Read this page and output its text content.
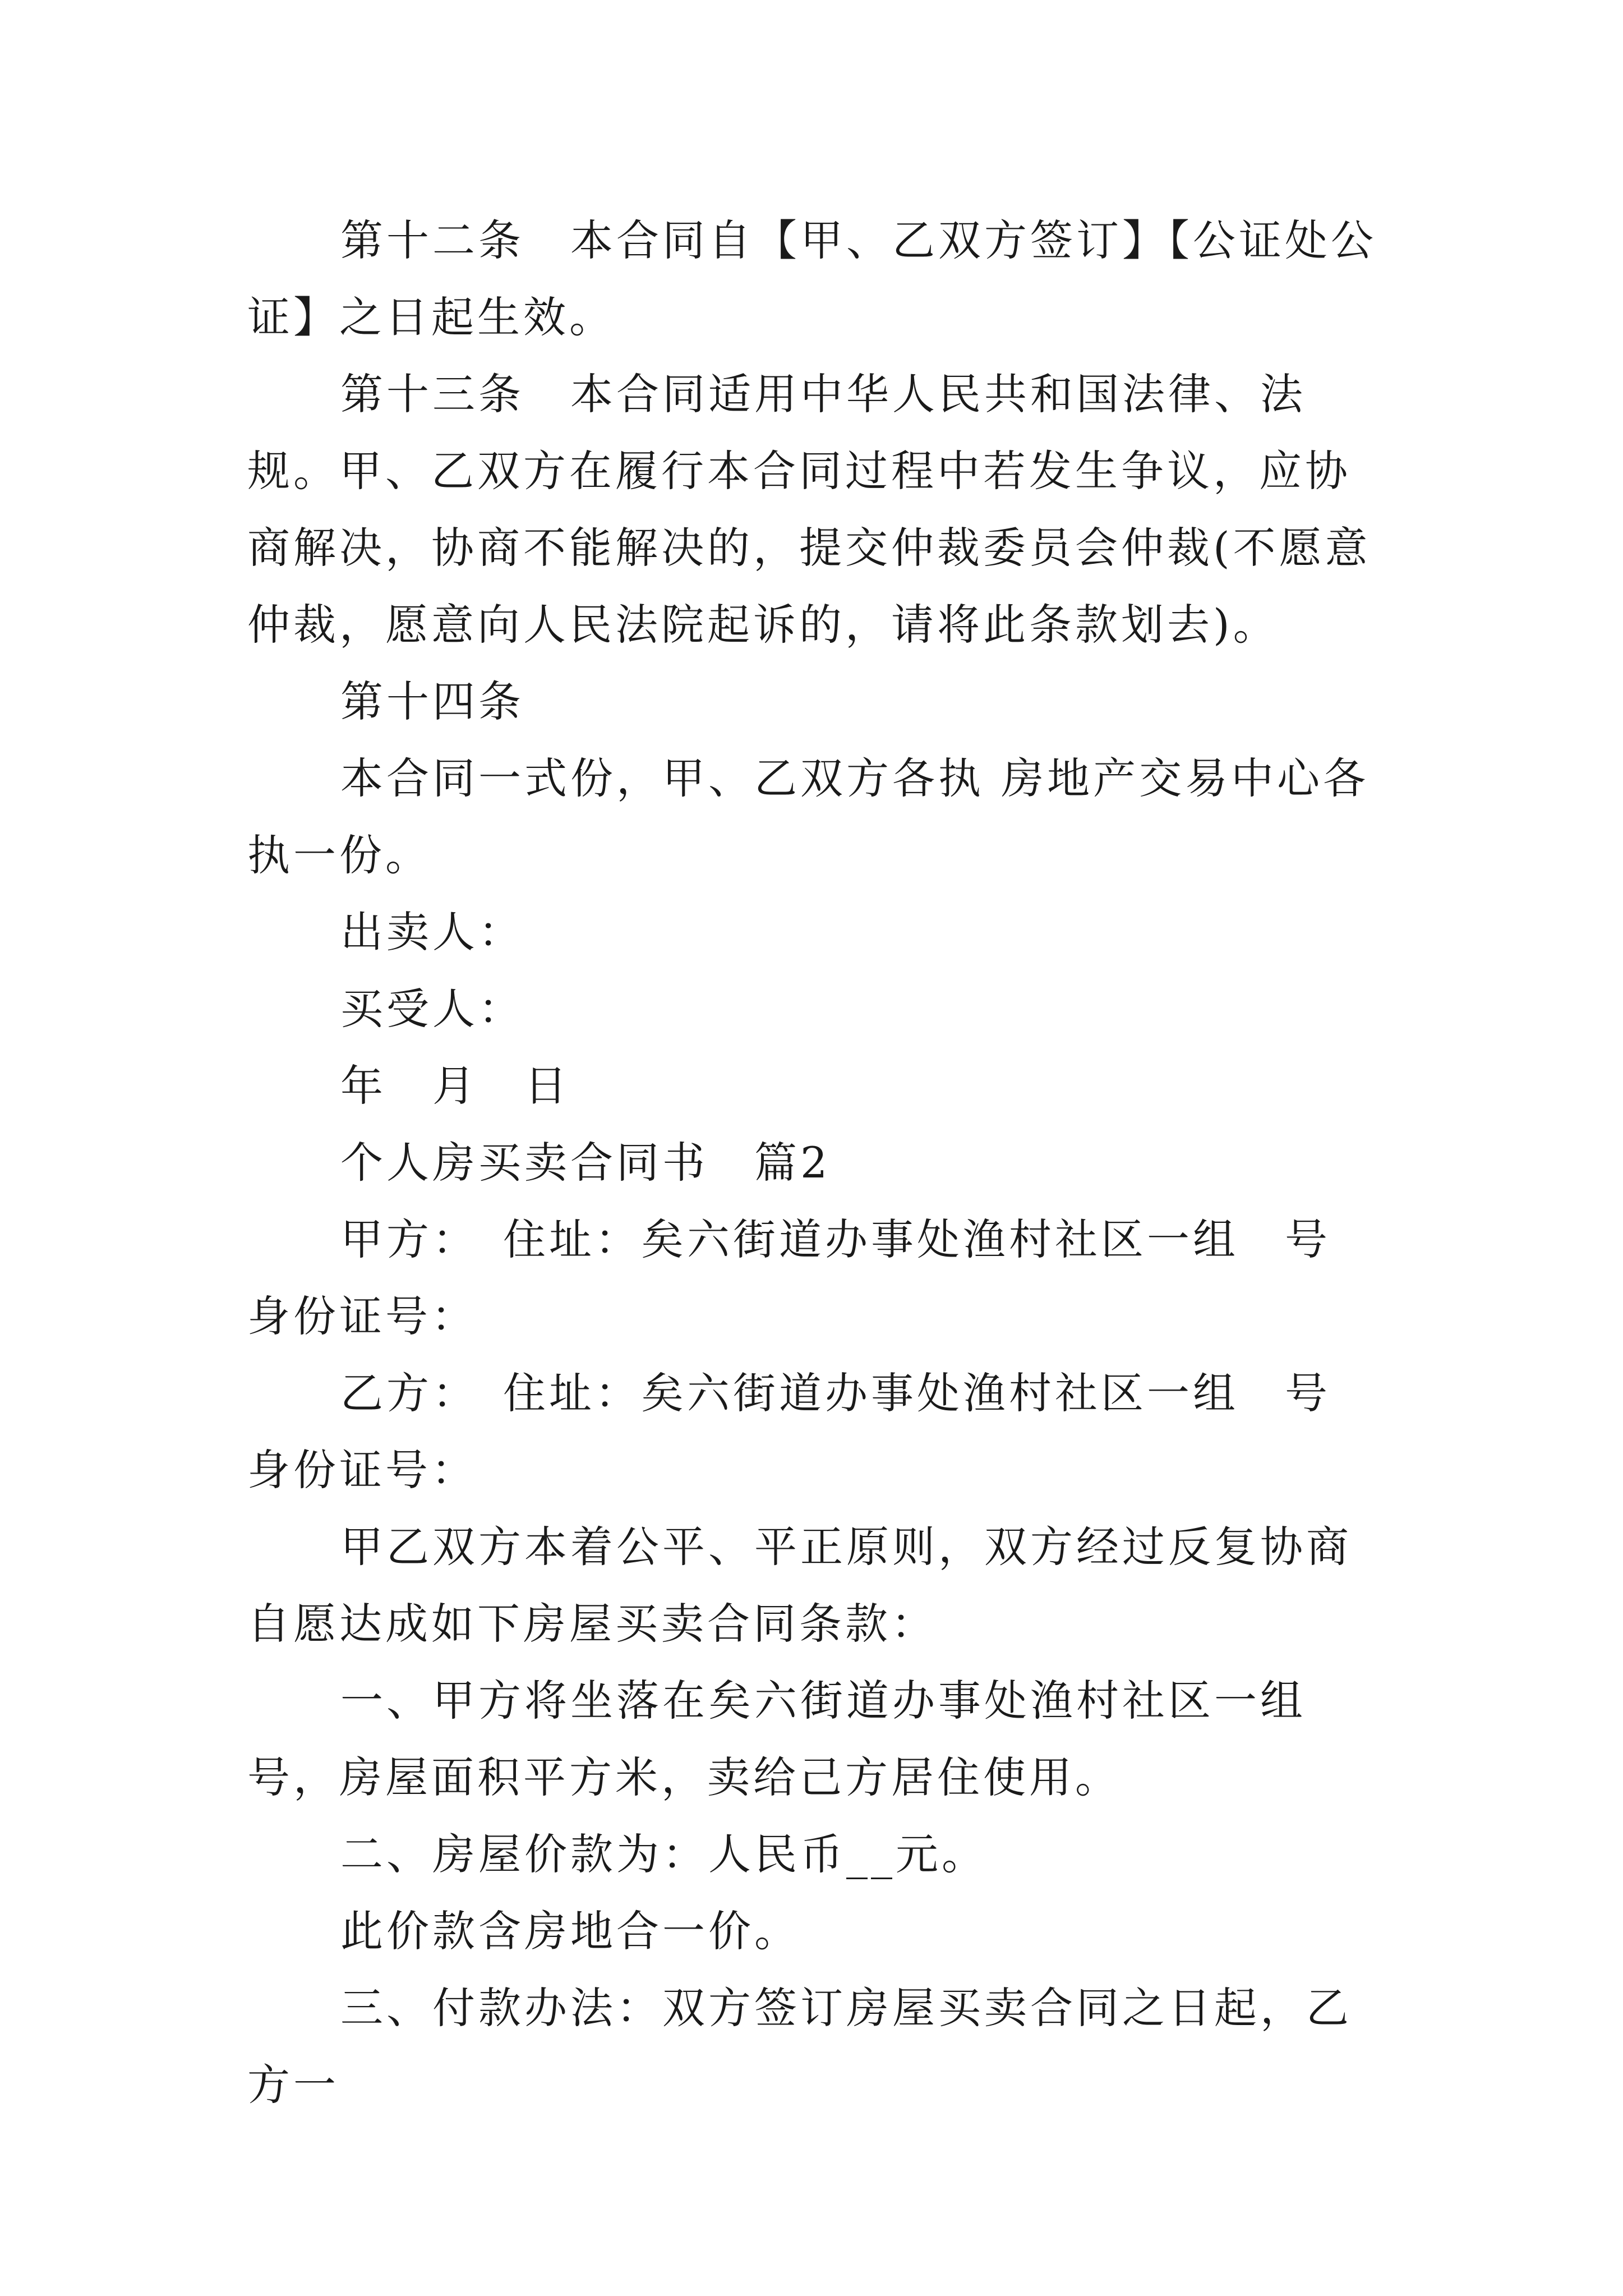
第十二条　本合同自【甲、乙双方签订】【公证处公证】之日起生效。

第十三条　本合同适用中华人民共和国法律、法规。甲、乙双方在履行本合同过程中若发生争议，应协商解决，协商不能解决的，提交仲裁委员会仲裁(不愿意仲裁，愿意向人民法院起诉的，请将此条款划去)。

第十四条

本合同一式份，甲、乙双方各执 房地产交易中心各执一份。

出卖人：

买受人：

年　月　日

个人房买卖合同书　篇2

甲方：　住址：矣六街道办事处渔村社区一组　号　身份证号：

乙方：　住址：矣六街道办事处渔村社区一组　号　身份证号：

甲乙双方本着公平、平正原则，双方经过反复协商自愿达成如下房屋买卖合同条款：

一、甲方将坐落在矣六街道办事处渔村社区一组　号，房屋面积平方米，卖给己方居住使用。

二、房屋价款为：人民币__元。

此价款含房地合一价。

三、付款办法：双方签订房屋买卖合同之日起，乙方一
